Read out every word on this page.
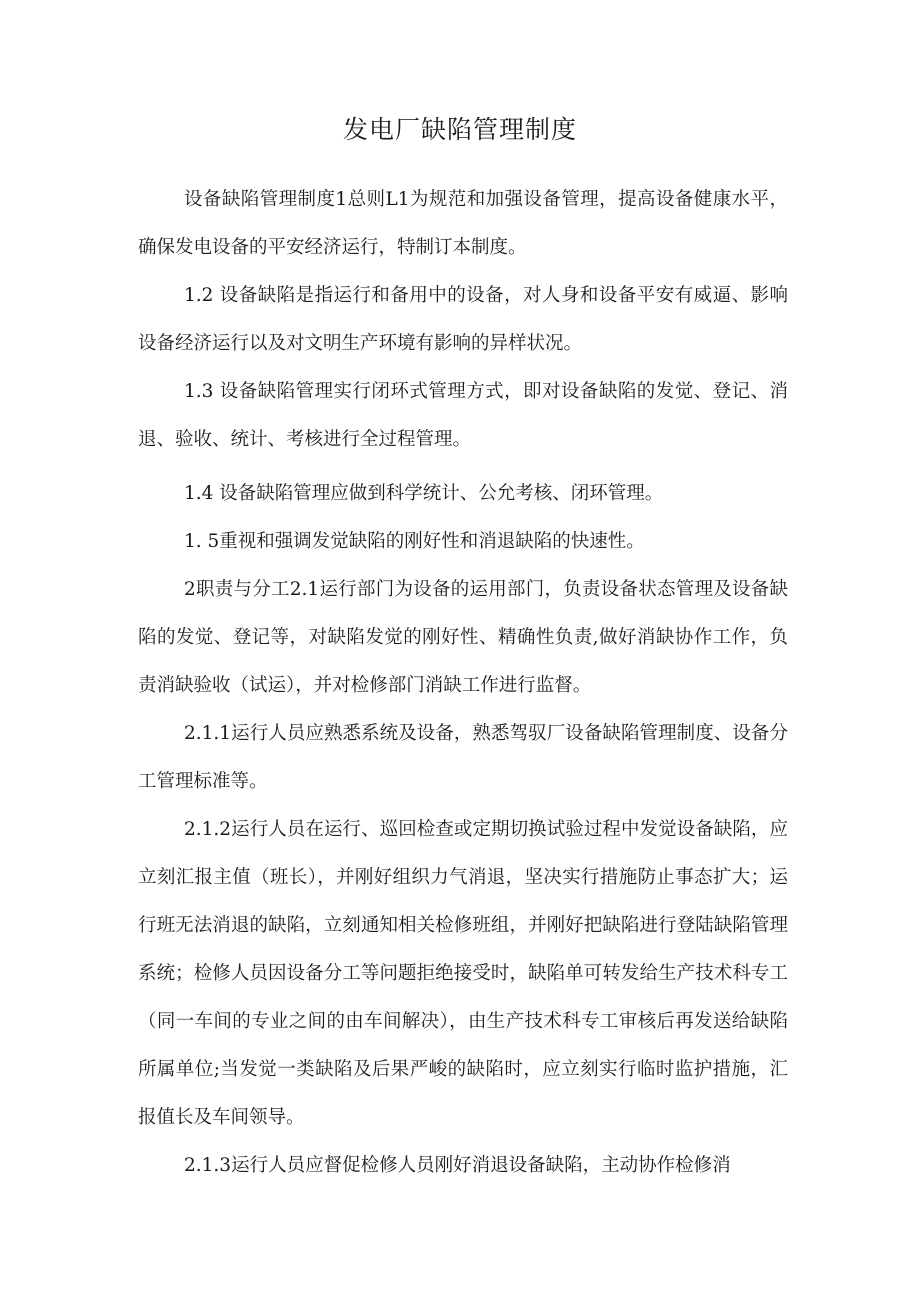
发电厂缺陷管理制度

设备缺陷管理制度1总则L1为规范和加强设备管理，提高设备健康水平，确保发电设备的平安经济运行，特制订本制度。

1.2 设备缺陷是指运行和备用中的设备，对人身和设备平安有威逼、影响设备经济运行以及对文明生产环境有影响的异样状况。

1.3 设备缺陷管理实行闭环式管理方式，即对设备缺陷的发觉、登记、消退、验收、统计、考核进行全过程管理。

1.4 设备缺陷管理应做到科学统计、公允考核、闭环管理。

1. 5重视和强调发觉缺陷的刚好性和消退缺陷的快速性。

2职责与分工2.1运行部门为设备的运用部门，负责设备状态管理及设备缺陷的发觉、登记等，对缺陷发觉的刚好性、精确性负责,做好消缺协作工作，负责消缺验收（试运），并对检修部门消缺工作进行监督。

2.1.1运行人员应熟悉系统及设备，熟悉驾驭厂设备缺陷管理制度、设备分工管理标准等。

2.1.2运行人员在运行、巡回检查或定期切换试验过程中发觉设备缺陷，应立刻汇报主值（班长），并刚好组织力气消退，坚决实行措施防止事态扩大；运行班无法消退的缺陷，立刻通知相关检修班组，并刚好把缺陷进行登陆缺陷管理系统；检修人员因设备分工等问题拒绝接受时，缺陷单可转发给生产技术科专工（同一车间的专业之间的由车间解决），由生产技术科专工审核后再发送给缺陷所属单位;当发觉一类缺陷及后果严峻的缺陷时，应立刻实行临时监护措施，汇报值长及车间领导。

2.1.3运行人员应督促检修人员刚好消退设备缺陷，主动协作检修消
